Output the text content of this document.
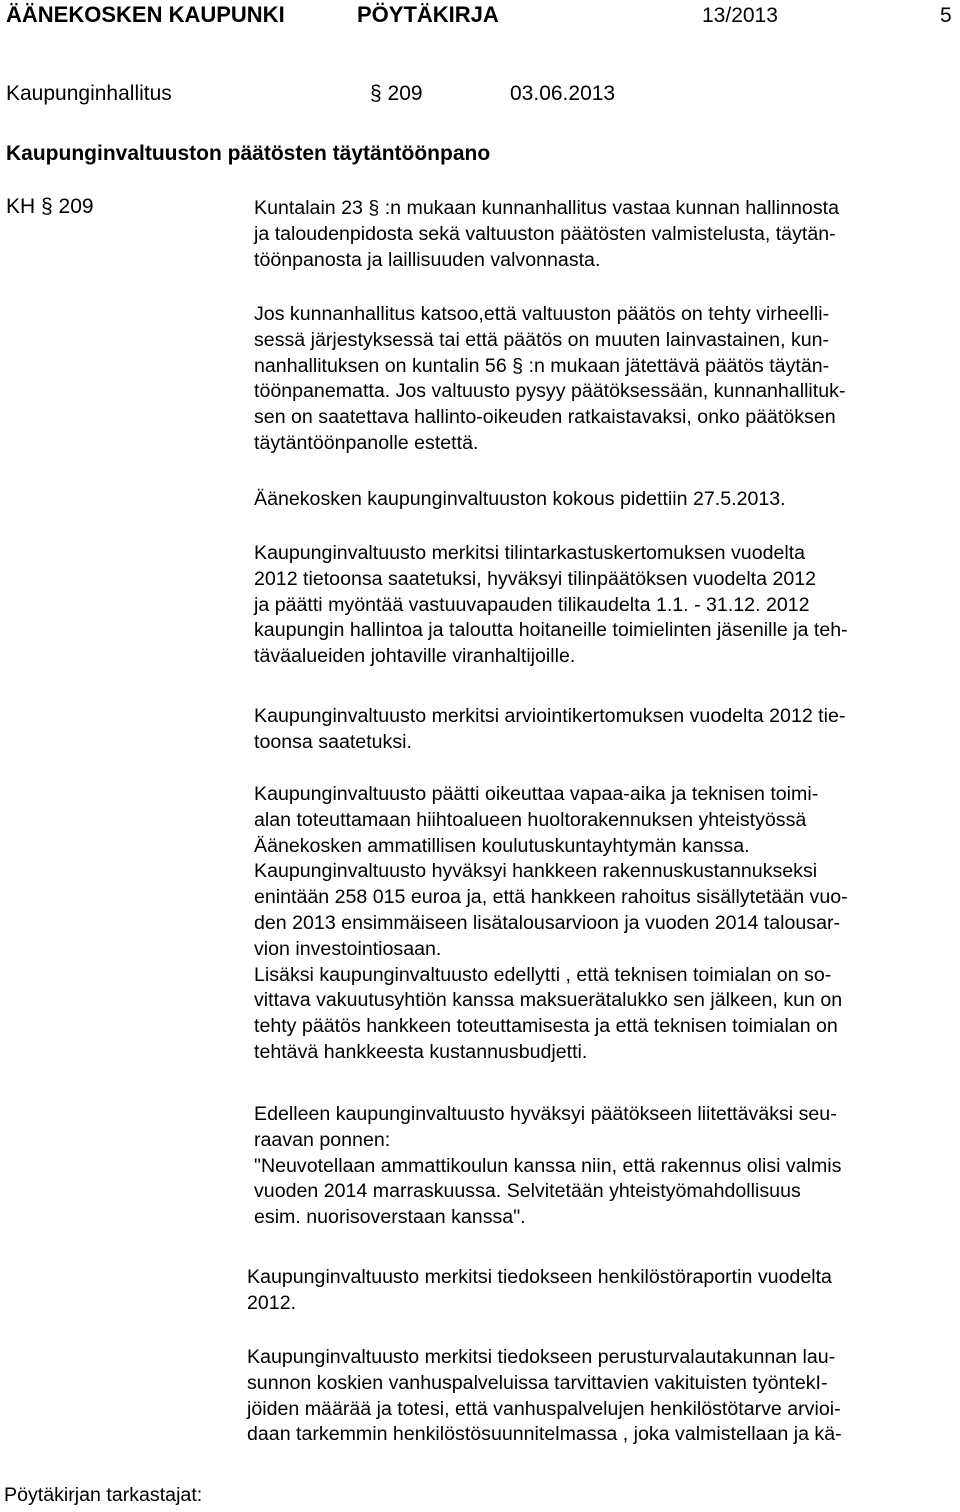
ÄÄNEKOSKEN KAUPUNKI	PÖYTÄKIRJA	13/2013	5
Kaupunginhallitus	§ 209	03.06.2013
Kaupunginvaltuuston päätösten täytäntöönpano
KH § 209	Kuntalain 23 § :n mukaan kunnanhallitus vastaa kunnan hallinnosta
ja taloudenpidosta sekä valtuuston päätösten valmistelusta, täytän-
töönpanosta ja laillisuuden valvonnasta.
Jos kunnanhallitus katsoo,että valtuuston päätös on tehty virheelli-
sessä järjestyksessä tai että päätös on muuten lainvastainen, kun-
nanhallituksen on kuntalin 56 § :n mukaan jätettävä päätös täytän-
töönpanematta. Jos valtuusto pysyy päätöksessään, kunnanhallituk-
sen on saatettava hallinto-oikeuden ratkaistavaksi, onko päätöksen
täytäntöönpanolle estettä.
Äänekosken kaupunginvaltuuston kokous pidettiin 27.5.2013.
Kaupunginvaltuusto merkitsi tilintarkastuskertomuksen vuodelta
2012 tietoonsa saatetuksi, hyväksyi tilinpäätöksen vuodelta 2012
ja päätti myöntää vastuuvapauden tilikaudelta 1.1. - 31.12. 2012
kaupungin hallintoa ja taloutta hoitaneille toimielinten jäsenille ja teh-
täväalueiden johtaville viranhaltijoille.
Kaupunginvaltuusto merkitsi arviointikertomuksen vuodelta 2012 tie-
toonsa saatetuksi.
Kaupunginvaltuusto päätti oikeuttaa vapaa-aika ja teknisen toimi-
alan toteuttamaan hiihtoalueen huoltorakennuksen yhteistyössä
Äänekosken ammatillisen koulutuskuntayhtymän kanssa.
Kaupunginvaltuusto hyväksyi hankkeen rakennuskustannukseksi
enintään 258 015 euroa ja, että hankkeen rahoitus sisällytetään vuo-
den 2013 ensimmäiseen lisätalousarvioon ja vuoden 2014 talousar-
vion investointiosaan.
Lisäksi kaupunginvaltuusto edellytti , että teknisen toimialan on so-
vittava vakuutusyhtiön kanssa maksuerätalukko sen jälkeen, kun on
tehty päätös hankkeen toteuttamisesta ja että teknisen toimialan on
tehtävä hankkeesta kustannusbudjetti.
Edelleen kaupunginvaltuusto hyväksyi päätökseen liitettäväksi seu-
raavan ponnen:
"Neuvotellaan ammattikoulun kanssa niin, että rakennus olisi valmis
vuoden 2014 marraskuussa. Selvitetään yhteistyömahdollisuus
esim. nuorisoverstaan kanssa".
Kaupunginvaltuusto merkitsi tiedokseen henkilöstöraportin vuodelta
2012.
Kaupunginvaltuusto merkitsi tiedokseen perusturvalautakunnan lau-
sunnon koskien vanhuspalveluissa tarvittavien vakituisten työntekI-
jöiden määrää ja totesi, että vanhuspalvelujen henkilöstötarve arvioi-
daan tarkemmin henkilöstösuunnitelmassa , joka valmistellaan ja kä-
Pöytäkirjan tarkastajat:
